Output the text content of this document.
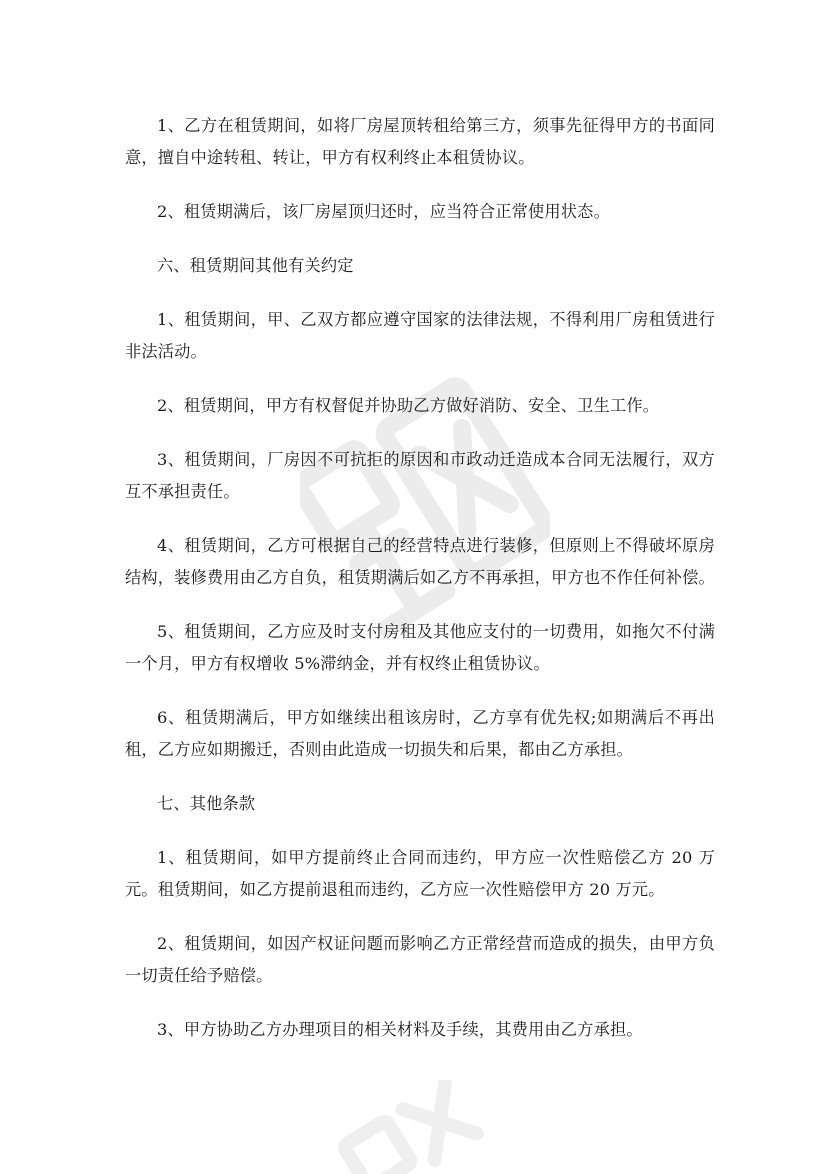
1、乙方在租赁期间，如将厂房屋顶转租给第三方，须事先征得甲方的书面同意，擅自中途转租、转让，甲方有权利终止本租赁协议。

2、租赁期满后，该厂房屋顶归还时，应当符合正常使用状态。

六、租赁期间其他有关约定

1、租赁期间，甲、乙双方都应遵守国家的法律法规，不得利用厂房租赁进行非法活动。

2、租赁期间，甲方有权督促并协助乙方做好消防、安全、卫生工作。

3、租赁期间，厂房因不可抗拒的原因和市政动迁造成本合同无法履行，双方互不承担责任。

4、租赁期间，乙方可根据自己的经营特点进行装修，但原则上不得破坏原房结构，装修费用由乙方自负，租赁期满后如乙方不再承担，甲方也不作任何补偿。

5、租赁期间，乙方应及时支付房租及其他应支付的一切费用，如拖欠不付满一个月，甲方有权增收 5%滞纳金，并有权终止租赁协议。

6、租赁期满后，甲方如继续出租该房时，乙方享有优先权;如期满后不再出租，乙方应如期搬迁，否则由此造成一切损失和后果，都由乙方承担。

七、其他条款

1、租赁期间，如甲方提前终止合同而违约，甲方应一次性赔偿乙方 20 万元。租赁期间，如乙方提前退租而违约，乙方应一次性赔偿甲方 20 万元。

2、租赁期间，如因产权证问题而影响乙方正常经营而造成的损失，由甲方负一切责任给予赔偿。

3、甲方协助乙方办理项目的相关材料及手续，其费用由乙方承担。
